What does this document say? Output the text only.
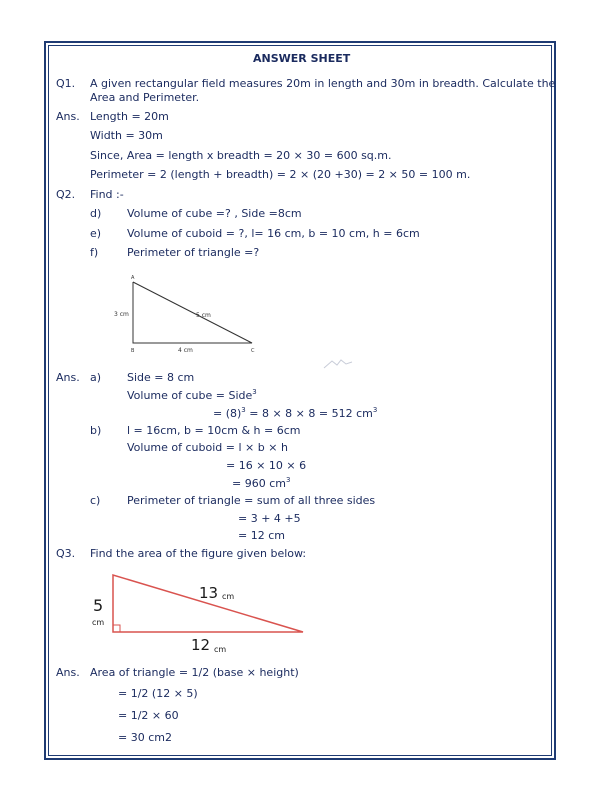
ANSWER SHEET
Q1. A given rectangular field measures 20m in length and 30m in breadth. Calculate the
Area and Perimeter.
Ans. Length = 20m
Width = 30m
Since, Area = length x breadth = 20 × 30 = 600 sq.m.
Perimeter = 2 (length + breadth) = 2 × (20 +30) = 2 × 50 = 100 m.
Q2. Find :-
d) Volume of cube =? , Side =8cm
e) Volume of cuboid = ?, l= 16 cm, b = 10 cm, h = 6cm
f)	Perimeter of triangle =?
A
B	C
3 cm	5 cm
4 cm
Ans. a) Side = 8 cm
Volume of cube = Side$^3$
= $(8)^3 = 8 \times 8 \times 8 = 512$ $cm^3$
b) l = 16cm, b = 10cm & h = 6cm
Volume of cuboid = l × b × h
= 16 × 10 × 6
= 960 $cm^3$
c) Perimeter of triangle = sum of all three sides
= 3 + 4 +5
= 12 cm
Q3. Find the area of the figure given below:
5
cm
13 cm
12 cm
Ans. Area of triangle = 1/2 (base × height)
= 1/2 (12 × 5)
= 1/2 × 60
= 30 cm2
